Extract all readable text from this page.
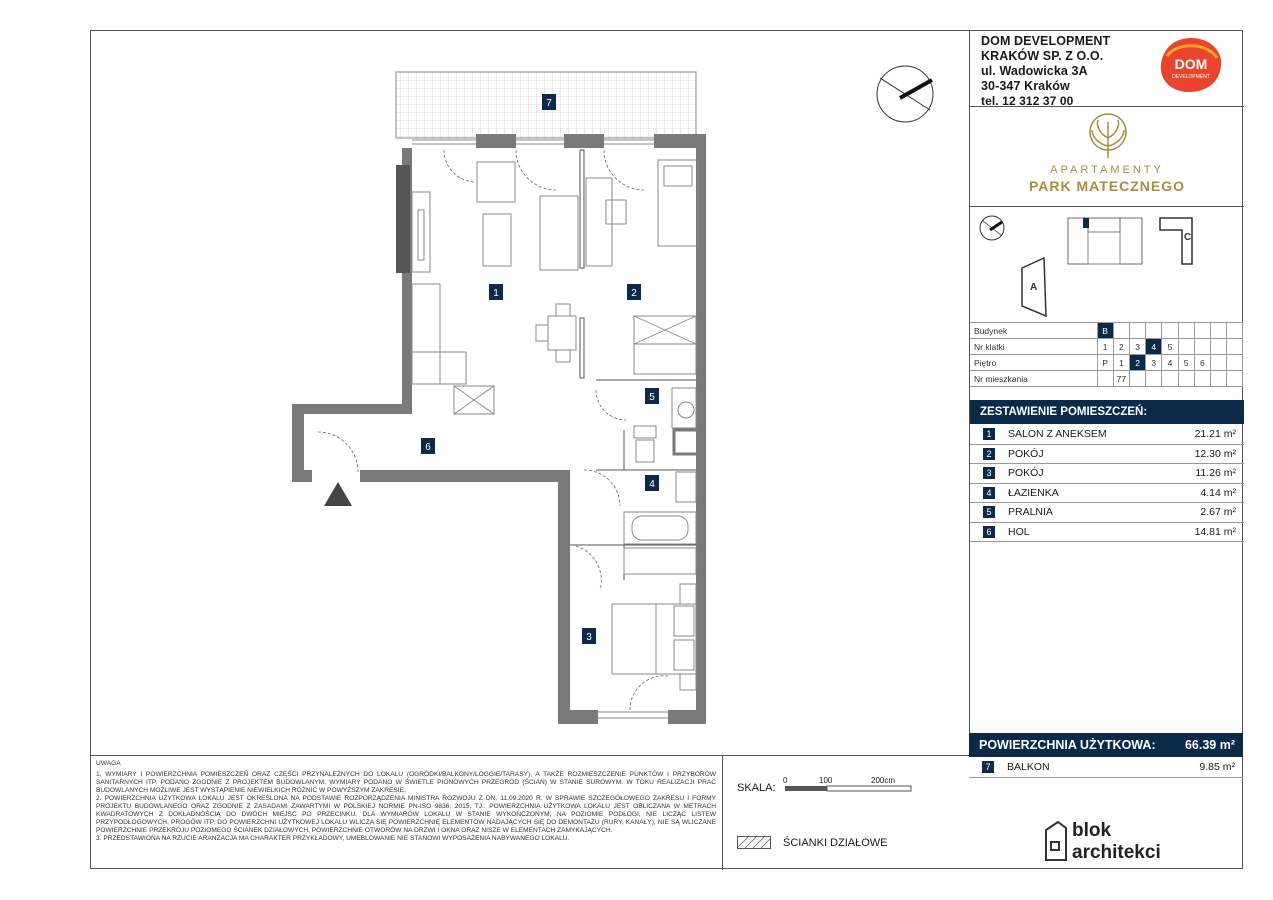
7
1	2
5
6
4
3
DOM DEVELOPMENT
KRAKÓW SP. Z O.O.
ul. Wadowicka 3A
30-347 Kraków
tel. 12 312 37 00
DOM
DEVELOPMENT
APARTAMENTY
PARK MATECZNEGO
C
A
Budynek	B								
Nr klatki	1	2	3	4	5				
Piętro	P	1	2	3	4	5	6		
Nr mieszkania		77							
ZESTAWIENIE POMIESZCZEŃ:
1	SALON Z ANEKSEM	21.21 m²
2	POKÓJ	12.30 m²
3	POKÓJ	11.26 m²
4	ŁAZIENKA	4.14 m²
5	PRALNIA	2.67 m²
6	HOL	14.81 m²
POWIERZCHNIA UŻYTKOWA: 66.39 m²
7	BALKON	9.85 m²
UWAGA
1. WYMIARY I POWIERZCHNIA POMIESZCZEŃ ORAZ CZĘŚCI PRZYNALEŻNYCH DO LOKALU (OGRÓDKI/BALKONY/LOGGIE/TARASY), A TAKŻE ROZMIESZCZENIE PUNKTÓW I PRZYBORÓW SANITARNYCH ITP. PODANO ZGODNIE Z PROJEKTEM BUDOWLANYM. WYMIARY PODANO W ŚWIETLE PIONOWYCH PRZEGRÓD (ŚCIAN) W STANIE SUROWYM. W TOKU REALIZACJI PRAC BUDOWLANYCH MOŻLIWE JEST WYSTĄPIENIE NIEWIELKICH RÓŻNIC W POWYŻSZYM ZAKRESIE.
2. POWIERZCHNIA UŻYTKOWA LOKALU JEST OKREŚLONA NA PODSTAWIE ROZPORZĄDZENIA MINISTRA ROZWOJU Z DN. 11.09.2020 R. W SPRAWIE SZCZEGÓŁOWEGO ZAKRESU I FORMY PROJEKTU BUDOWLANEGO ORAZ ZGODNIE Z ZASADAMI ZAWARTYMI W POLSKIEJ NORMIE PN-ISO 9836: 2015, TJ.: POWIERZCHNIA UŻYTKOWA LOKALU JEST OBLICZANA W METRACH KWADRATOWYCH Z DOKŁADNOŚCIĄ DO DWÓCH MIEJSC PO PRZECINKU, DLA WYMIARÓW LOKALU W STANIE WYKOŃCZONYM, NA POZIOMIE PODŁOGI, NIE LICZĄC LISTEW PRZYPODŁOGOWYCH, PROGÓW ITP. DO POWIERZCHNI UŻYTKOWEJ LOKALU WLICZA SIĘ POWIERZCHNIĘ ELEMENTÓW NADAJĄCYCH SIĘ DO DEMONTAŻU (RURY, KANAŁY), NIE SĄ WLICZANE POWIERZCHNIE PRZEKROJU POZIOMEGO ŚCIANEK DZIAŁOWYCH, POWIERZCHNIE OTWORÓW NA DRZWI I OKNA ORAZ NISZE W ELEMENTACH ZAMYKAJĄCYCH.
3. PRZEDSTAWIONA NA RZUCIE ARANŻACJA MA CHARAKTER PRZYKŁADOWY, UMEBLOWANIE NIE STANOWI WYPOSAŻENIA NABYWANEGO LOKALU.
SKALA:
0	100	200cm
ŚCIANKI DZIAŁOWE
blok
architekci
